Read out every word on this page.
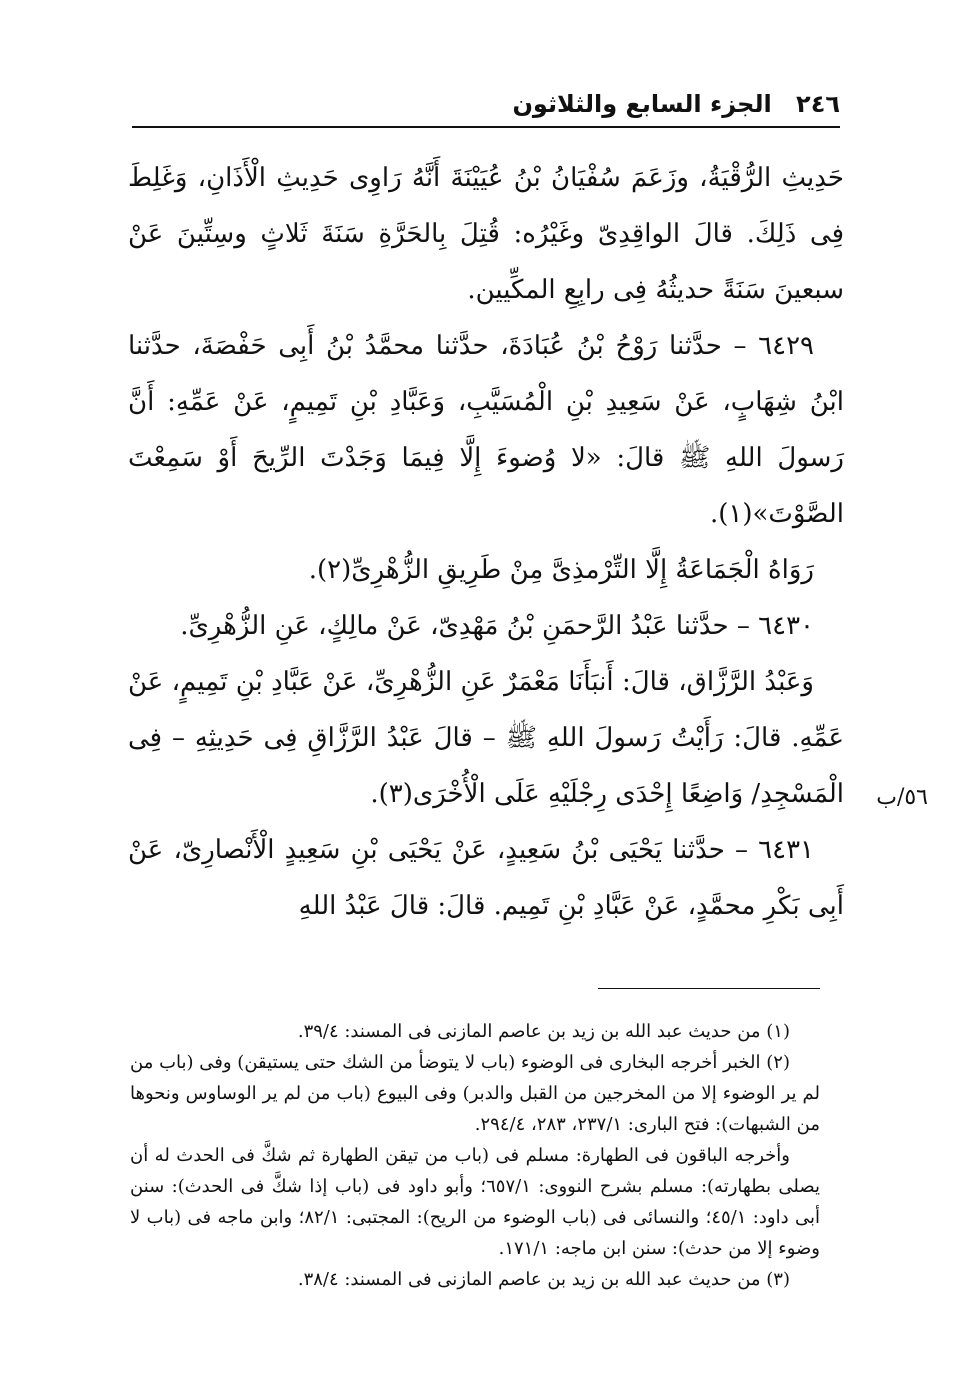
٢٤٦ الجزء السابع والثلاثون

حَدِيثِ الرُّقْيَةُ، وزَعَمَ سُفْيَانُ بْنُ عُيَيْنَةَ أَنَّهُ رَاوِى حَدِيثِ الْأَذَانِ، وَغَلِطَ فِى ذَلِكَ. قالَ الواقِدِىّ وغَيْرُه: قُتِلَ بِالحَرَّةِ سَنَةَ ثَلاثٍ وسِتِّينَ عَنْ سبعينَ سَنَةً حديثُهُ فِى رابِعِ المكِّيين.

٦٤٢٩ – حدَّثنا رَوْحُ بْنُ عُبَادَةَ، حدَّثنا محمَّدُ بْنُ أَبِى حَفْصَةَ، حدَّثنا ابْنُ شِهَابٍ، عَنْ سَعِيدِ بْنِ الْمُسَيَّبِ، وَعَبَّادِ بْنِ تَمِيمٍ، عَنْ عَمِّهِ: أَنَّ رَسولَ اللهِ ﷺ قالَ: «لا وُضوءَ إِلَّا فِيمَا وَجَدْتَ الرِّيحَ أَوْ سَمِعْتَ الصَّوْتَ»(١).

رَوَاهُ الْجَمَاعَةُ إِلَّا التِّرْمذِىَّ مِنْ طَرِيقِ الزُّهْرِىِّ(٢).

٦٤٣٠ – حدَّثنا عَبْدُ الرَّحمَنِ بْنُ مَهْدِىّ، عَنْ مالِكٍ، عَنِ الزُّهْرِىِّ.

وَعَبْدُ الرَّزَّاق، قالَ: أَنبَأَنَا مَعْمَرٌ عَنِ الزُّهْرِىِّ، عَنْ عَبَّادِ بْنِ تَمِيمٍ، عَنْ عَمِّهِ. قالَ: رَأَيْتُ رَسولَ اللهِ ﷺ – قالَ عَبْدُ الرَّزَّاقِ فِى حَدِيثِهِ – فِى الْمَسْجِدِ/ وَاضِعًا إِحْدَى رِجْلَيْهِ عَلَى الْأُخْرَى(٣).

٦٤٣١ – حدَّثنا يَحْيَى بْنُ سَعِيدٍ، عَنْ يَحْيَى بْنِ سَعِيدٍ الْأَنْصارِىّ، عَنْ أَبِى بَكْرِ محمَّدٍ، عَنْ عَبَّادِ بْنِ تَمِيم. قالَ: قالَ عَبْدُ اللهِ

٥٦/ب

(١) من حديث عبد الله بن زيد بن عاصم المازنى فى المسند: ٣٩/٤.

(٢) الخبر أخرجه البخارى فى الوضوء (باب لا يتوضأ من الشك حتى يستيقن) وفى (باب من لم ير الوضوء إلا من المخرجين من القبل والدبر) وفى البيوع (باب من لم ير الوساوس ونحوها من الشبهات): فتح البارى: ٢٣٧/١، ٢٨٣، ٢٩٤/٤.

وأخرجه الباقون فى الطهارة: مسلم فى (باب من تيقن الطهارة ثم شكَّ فى الحدث له أن يصلى بطهارته): مسلم بشرح النووى: ٦٥٧/١؛ وأبو داود فى (باب إذا شكَّ فى الحدث): سنن أبى داود: ٤٥/١؛ والنسائى فى (باب الوضوء من الريح): المجتبى: ٨٢/١؛ وابن ماجه فى (باب لا وضوء إلا من حدث): سنن ابن ماجه: ١٧١/١.

(٣) من حديث عبد الله بن زيد بن عاصم المازنى فى المسند: ٣٨/٤.
